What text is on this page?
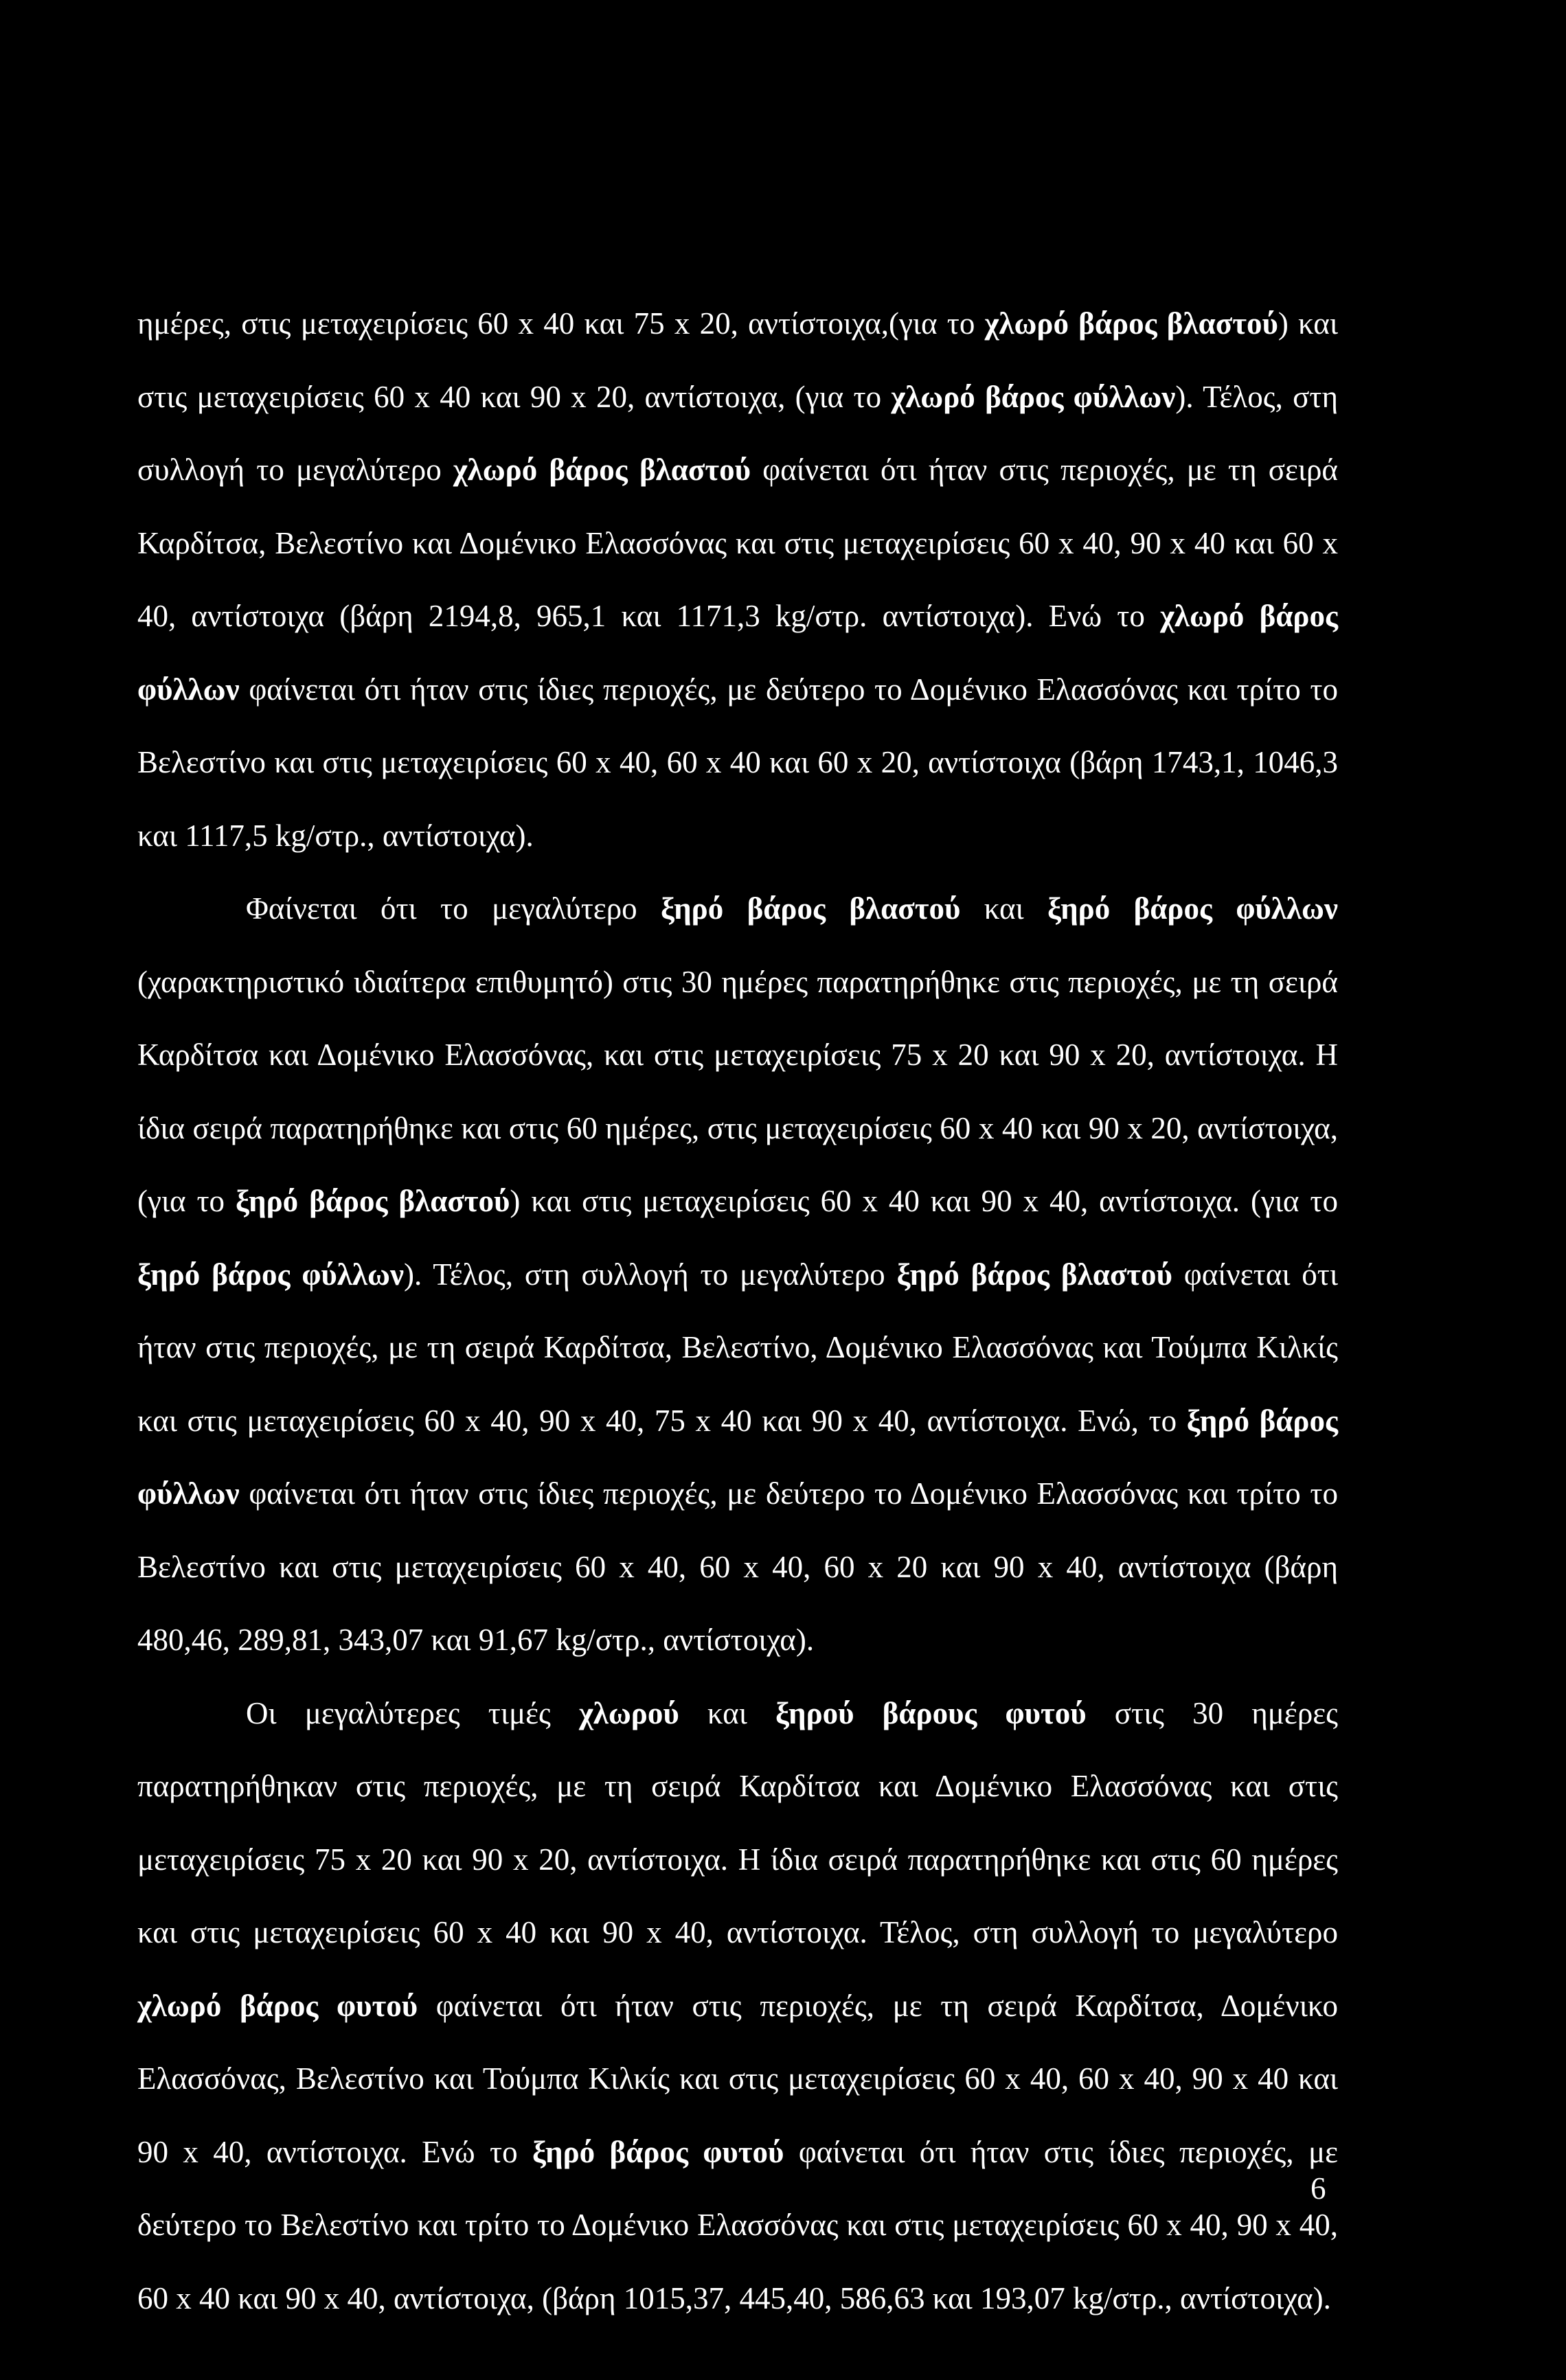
ημέρες, στις μεταχειρίσεις 60 x 40 και 75 x 20, αντίστοιχα,(για το χλωρό βάρος βλαστού) και στις μεταχειρίσεις 60 x 40 και 90 x 20, αντίστοιχα, (για το χλωρό βάρος φύλλων). Τέλος, στη συλλογή το μεγαλύτερο χλωρό βάρος βλαστού φαίνεται ότι ήταν στις περιοχές, με τη σειρά Καρδίτσα, Βελεστίνο και Δομένικο Ελασσόνας και στις μεταχειρίσεις 60 x 40, 90 x 40 και 60 x 40, αντίστοιχα (βάρη 2194,8, 965,1 και 1171,3 kg/στρ. αντίστοιχα). Ενώ το χλωρό βάρος φύλλων φαίνεται ότι ήταν στις ίδιες περιοχές, με δεύτερο το Δομένικο Ελασσόνας και τρίτο το Βελεστίνο και στις μεταχειρίσεις 60 x 40, 60 x 40 και 60 x 20, αντίστοιχα (βάρη 1743,1, 1046,3 και 1117,5 kg/στρ., αντίστοιχα).

Φαίνεται ότι το μεγαλύτερο ξηρό βάρος βλαστού και ξηρό βάρος φύλλων (χαρακτηριστικό ιδιαίτερα επιθυμητό) στις 30 ημέρες παρατηρήθηκε στις περιοχές, με τη σειρά Καρδίτσα και Δομένικο Ελασσόνας, και στις μεταχειρίσεις 75 x 20 και 90 x 20, αντίστοιχα. Η ίδια σειρά παρατηρήθηκε και στις 60 ημέρες, στις μεταχειρίσεις 60 x 40 και 90 x 20, αντίστοιχα, (για το ξηρό βάρος βλαστού) και στις μεταχειρίσεις 60 x 40 και 90 x 40, αντίστοιχα. (για το ξηρό βάρος φύλλων). Τέλος, στη συλλογή το μεγαλύτερο ξηρό βάρος βλαστού φαίνεται ότι ήταν στις περιοχές, με τη σειρά Καρδίτσα, Βελεστίνο, Δομένικο Ελασσόνας και Τούμπα Κιλκίς και στις μεταχειρίσεις 60 x 40, 90 x 40, 75 x 40 και 90 x 40, αντίστοιχα. Ενώ, το ξηρό βάρος φύλλων φαίνεται ότι ήταν στις ίδιες περιοχές, με δεύτερο το Δομένικο Ελασσόνας και τρίτο το Βελεστίνο και στις μεταχειρίσεις 60 x 40, 60 x 40, 60 x 20 και 90 x 40, αντίστοιχα (βάρη 480,46, 289,81, 343,07 και 91,67 kg/στρ., αντίστοιχα).

Οι μεγαλύτερες τιμές χλωρού και ξηρού βάρους φυτού στις 30 ημέρες παρατηρήθηκαν στις περιοχές, με τη σειρά Καρδίτσα και Δομένικο Ελασσόνας και στις μεταχειρίσεις 75 x 20 και 90 x 20, αντίστοιχα. Η ίδια σειρά παρατηρήθηκε και στις 60 ημέρες και στις μεταχειρίσεις 60 x 40 και 90 x 40, αντίστοιχα. Τέλος, στη συλλογή το μεγαλύτερο χλωρό βάρος φυτού φαίνεται ότι ήταν στις περιοχές, με τη σειρά Καρδίτσα, Δομένικο Ελασσόνας, Βελεστίνο και Τούμπα Κιλκίς και στις μεταχειρίσεις 60 x 40, 60 x 40, 90 x 40 και 90 x 40, αντίστοιχα. Ενώ το ξηρό βάρος φυτού φαίνεται ότι ήταν στις ίδιες περιοχές, με δεύτερο το Βελεστίνο και τρίτο το Δομένικο Ελασσόνας και στις μεταχειρίσεις 60 x 40, 90 x 40, 60 x 40 και 90 x 40, αντίστοιχα, (βάρη 1015,37, 445,40, 586,63 και 193,07 kg/στρ., αντίστοιχα).

6
